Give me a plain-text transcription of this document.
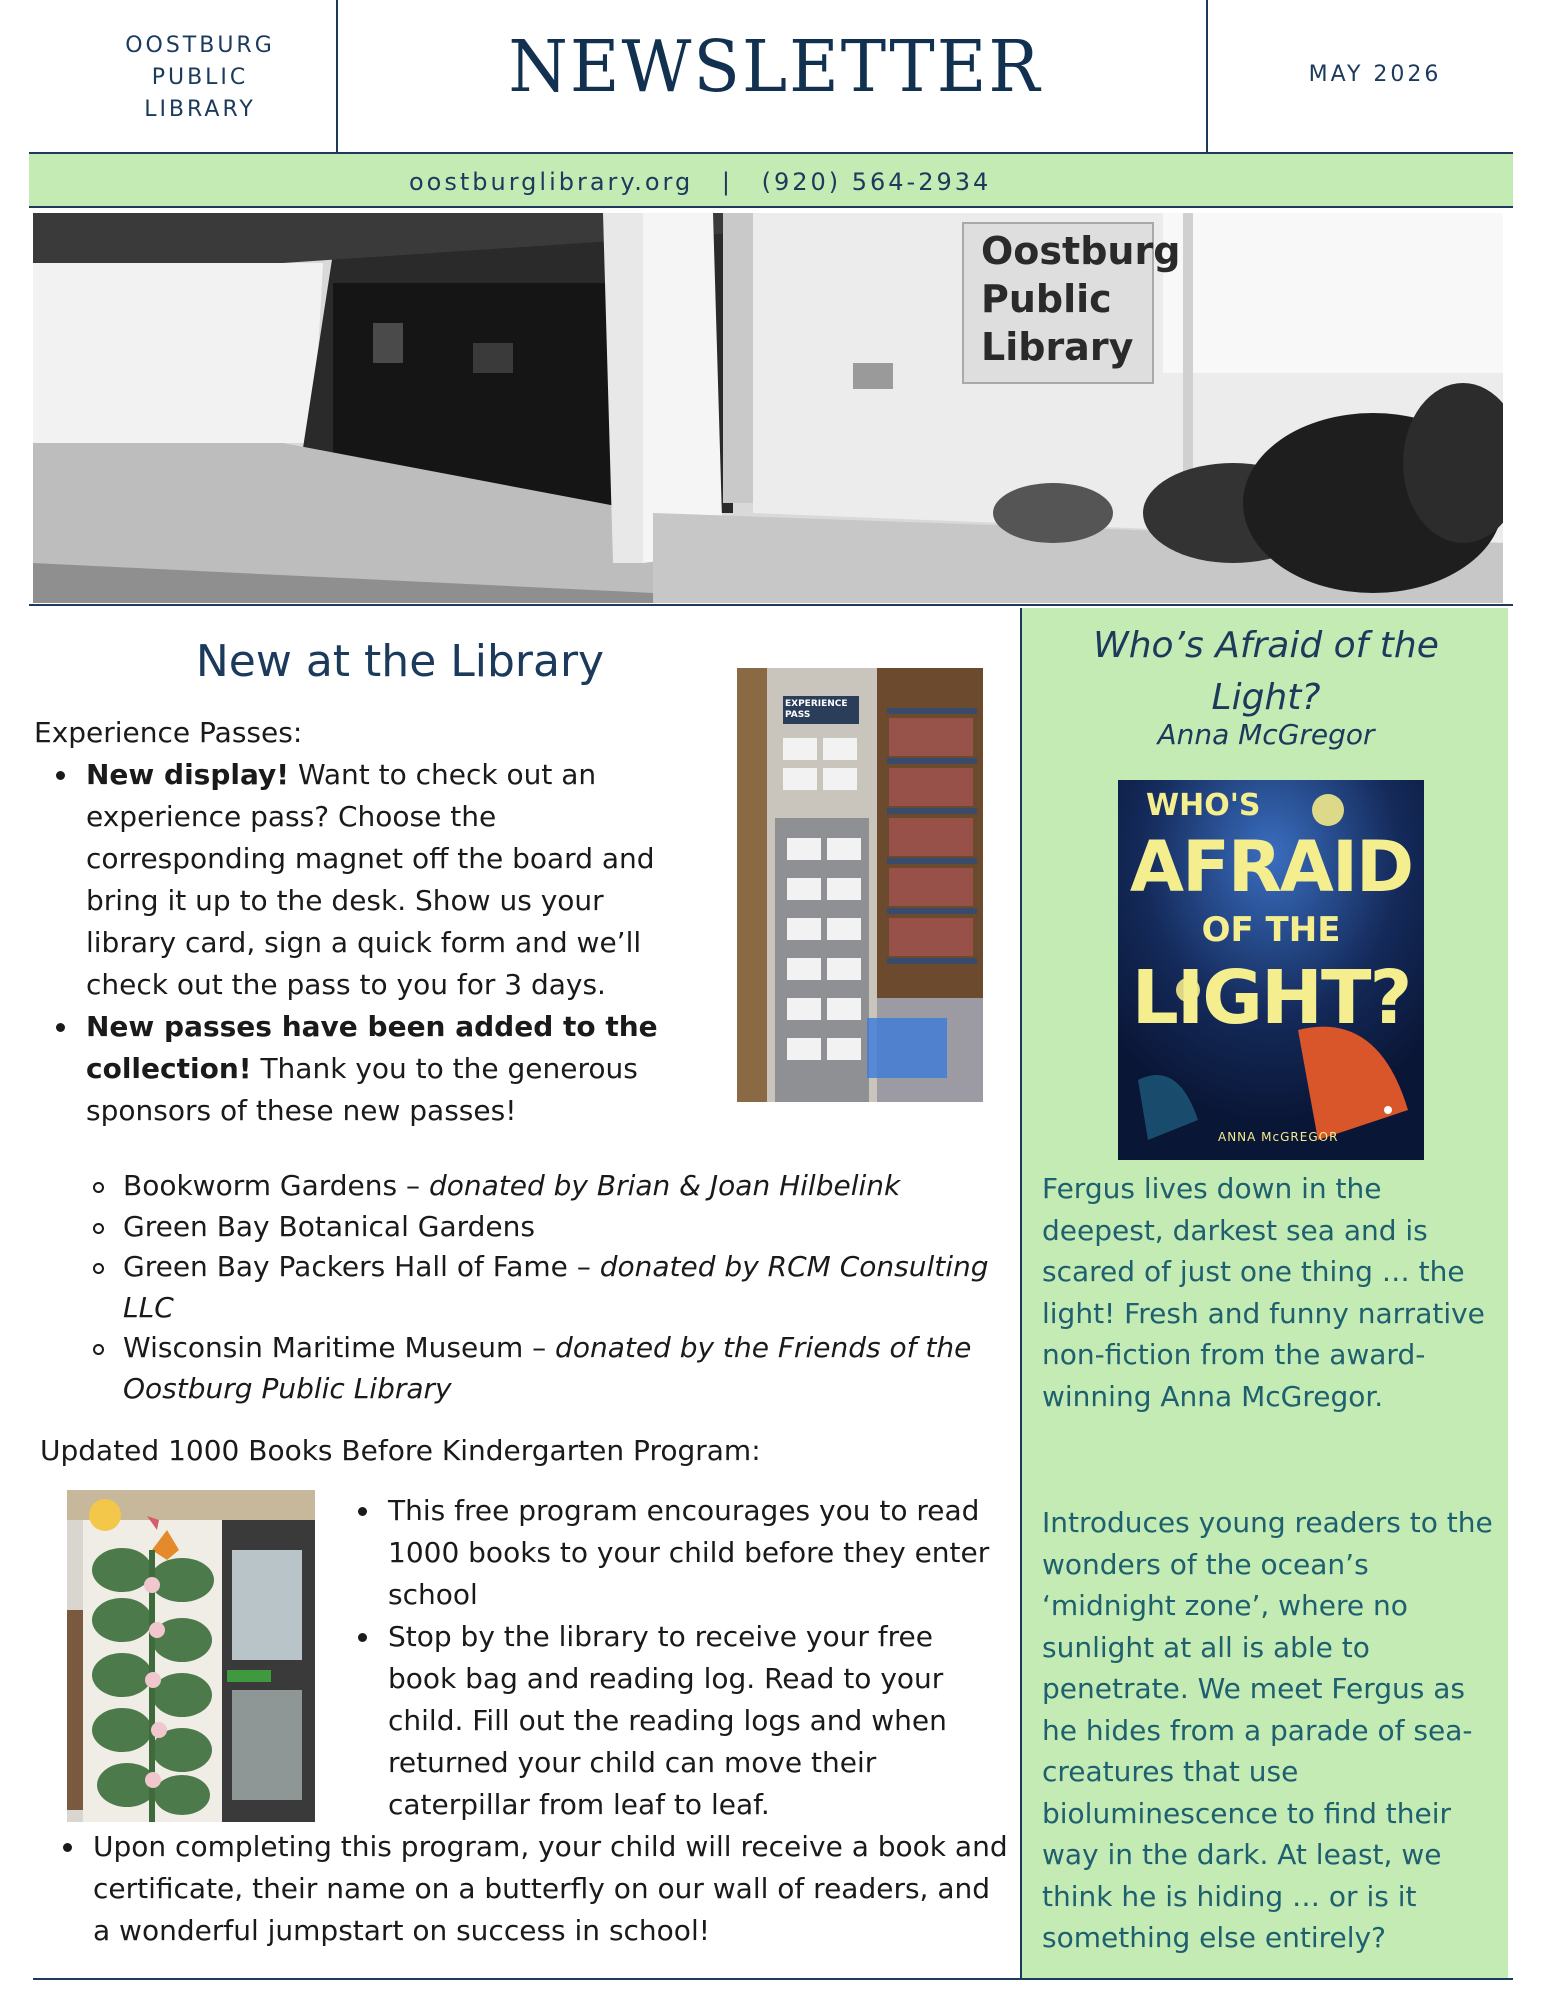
OOSTBURG
PUBLIC
LIBRARY
NEWSLETTER	MAY 2026
oostburglibrary.org | (920) 564-2934
Oostburg
Public
Library
New at the Library
Experience Passes:
New display! Want to check out an experience pass? Choose the corresponding magnet off the board and bring it up to the desk. Show us your library card, sign a quick form and we’ll check out the pass to you for 3 days.
New passes have been added to the collection! Thank you to the generous sponsors of these new passes!
Bookworm Gardens – donated by Brian & Joan Hilbelink
Green Bay Botanical Gardens
Green Bay Packers Hall of Fame – donated by RCM Consulting LLC
Wisconsin Maritime Museum – donated by the Friends of the Oostburg Public Library
EXPERIENCE PASS
Updated 1000 Books Before Kindergarten Program:
This free program encourages you to read 1000 books to your child before they enter school
Stop by the library to receive your free book bag and reading log. Read to your child. Fill out the reading logs and when returned your child can move their caterpillar from leaf to leaf.
Upon completing this program, your child will receive a book and certificate, their name on a butterfly on our wall of readers, and a wonderful jumpstart on success in school!
Who’s Afraid of the Light?
Anna McGregor
WHO'S
AFRAID
OF THE
LIGHT?
ANNA McGREGOR
Fergus lives down in the deepest, darkest sea and is scared of just one thing … the light! Fresh and funny narrative non-fiction from the award-winning Anna McGregor.
Introduces young readers to the wonders of the ocean’s ‘midnight zone’, where no sunlight at all is able to penetrate. We meet Fergus as he hides from a parade of sea-creatures that use bioluminescence to find their way in the dark. At least, we think he is hiding … or is it something else entirely?
